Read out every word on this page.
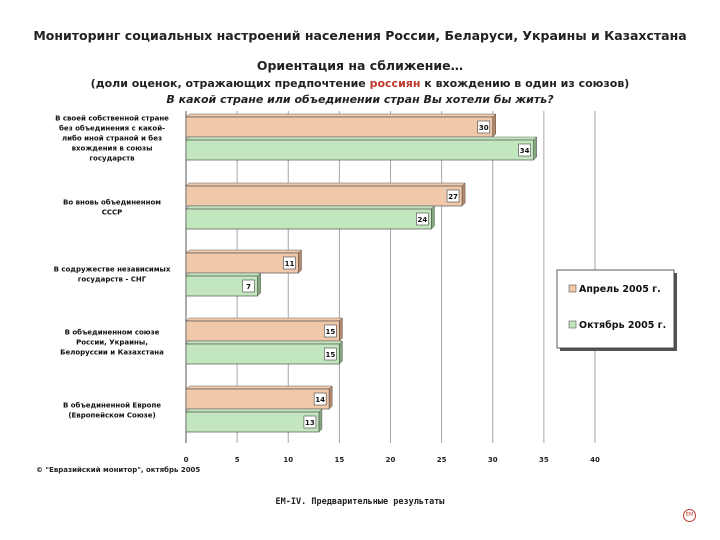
Мониторинг социальных настроений населения России, Беларуси, Украины и Казахстана
Ориентация на сближение…
(доли оценок, отражающих предпочтение россиян к вхождению в один из союзов)
В какой стране или объединении стран Вы хотели бы жить?
0	5	10	15	20	25	30	35	40
30
27
11
15
14
34
24
7
15
13
В своей собственной стране без объединения с какой-либо иной страной и без вхождения в союзы государств
Во вновь объединенном СССР
В содружестве независимых государств - СНГ
В объединенном союзе России, Украины, Белоруссии и Казахстана
В объединенной Европе (Европейском Союзе)
Апрель 2005 г.
Октябрь 2005 г.
© "Евразийский монитор", октябрь 2005
ЕМ-IV. Предварительные результаты
ЕМ
